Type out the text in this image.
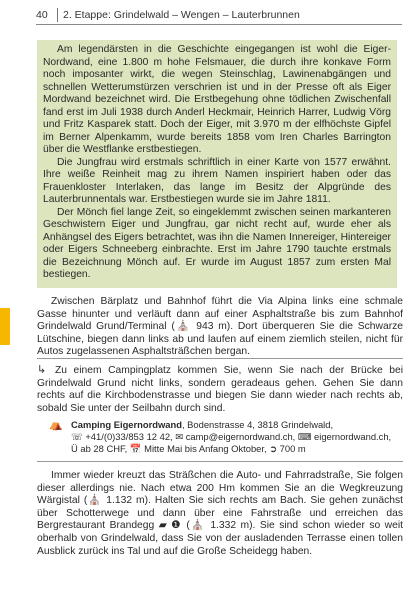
40 2. Etappe: Grindelwald – Wengen – Lauterbrunnen

Am legendärsten in die Geschichte eingegangen ist wohl die Eiger-Nordwand, eine 1.800 m hohe Felsmauer, die durch ihre konkave Form noch imposanter wirkt, die wegen Steinschlag, Lawinenabgängen und schnellen Wetterumstürzen verschrien ist und in der Presse oft als Eiger Mordwand bezeichnet wird. Die Erstbegehung ohne tödlichen Zwischenfall fand erst im Juli 1938 durch Anderl Heckmair, Heinrich Harrer, Ludwig Vörg und Fritz Kasparek statt. Doch der Eiger, mit 3.970 m der elfhöchste Gipfel im Berner Alpenkamm, wurde bereits 1858 vom Iren Charles Barrington über die Westflanke erstbestiegen.

Die Jungfrau wird erstmals schriftlich in einer Karte von 1577 erwähnt. Ihre weiße Reinheit mag zu ihrem Namen inspiriert haben oder das Frauenkloster Interlaken, das lange im Besitz der Alpgründe des Lauterbrunnentals war. Erstbestiegen wurde sie im Jahre 1811.

Der Mönch fiel lange Zeit, so eingeklemmt zwischen seinen markanteren Geschwistern Eiger und Jungfrau, gar nicht recht auf, wurde eher als Anhängsel des Eigers betrachtet, was ihn die Namen Innereiger, Hintereiger oder Eigers Schneeberg einbrachte. Erst im Jahre 1790 tauchte erstmals die Bezeichnung Mönch auf. Er wurde im August 1857 zum ersten Mal bestiegen.

Zwischen Bärplatz und Bahnhof führt die Via Alpina links eine schmale Gasse hinunter und verläuft dann auf einer Asphaltstraße bis zum Bahnhof Grindelwald Grund/Terminal (⛪ 943 m). Dort überqueren Sie die Schwarze Lütschine, biegen dann links ab und laufen auf einem ziemlich steilen, nicht für Autos zugelassenen Asphaltsträßchen bergan.

↳ Zu einem Campingplatz kommen Sie, wenn Sie nach der Brücke bei Grindelwald Grund nicht links, sondern geradeaus gehen. Gehen Sie dann rechts auf die Kirchbodenstrasse und biegen Sie dann wieder nach rechts ab, sobald Sie unter der Seilbahn durch sind.

⛺ Camping Eigernordwand, Bodenstrasse 4, 3818 Grindelwald,
☏ +41/(0)33/853 12 42, ✉ camp@eigernordwand.ch, ⌨ eigernordwand.ch,
Ü ab 28 CHF, 📅 Mitte Mai bis Anfang Oktober, ➲ 700 m

Immer wieder kreuzt das Sträßchen die Auto- und Fahrradstraße, Sie folgen dieser allerdings nie. Nach etwa 200 Hm kommen Sie an die Wegkreuzung Wärgistal (⛪ 1.132 m). Halten Sie sich rechts am Bach. Sie gehen zunächst über Schotterwege und dann über eine Fahrstraße und erreichen das Bergrestaurant Brandegg ▰ ❶ (⛪ 1.332 m). Sie sind schon wieder so weit oberhalb von Grindelwald, dass Sie von der ausladenden Terrasse einen tollen Ausblick zurück ins Tal und auf die Große Scheidegg haben.
